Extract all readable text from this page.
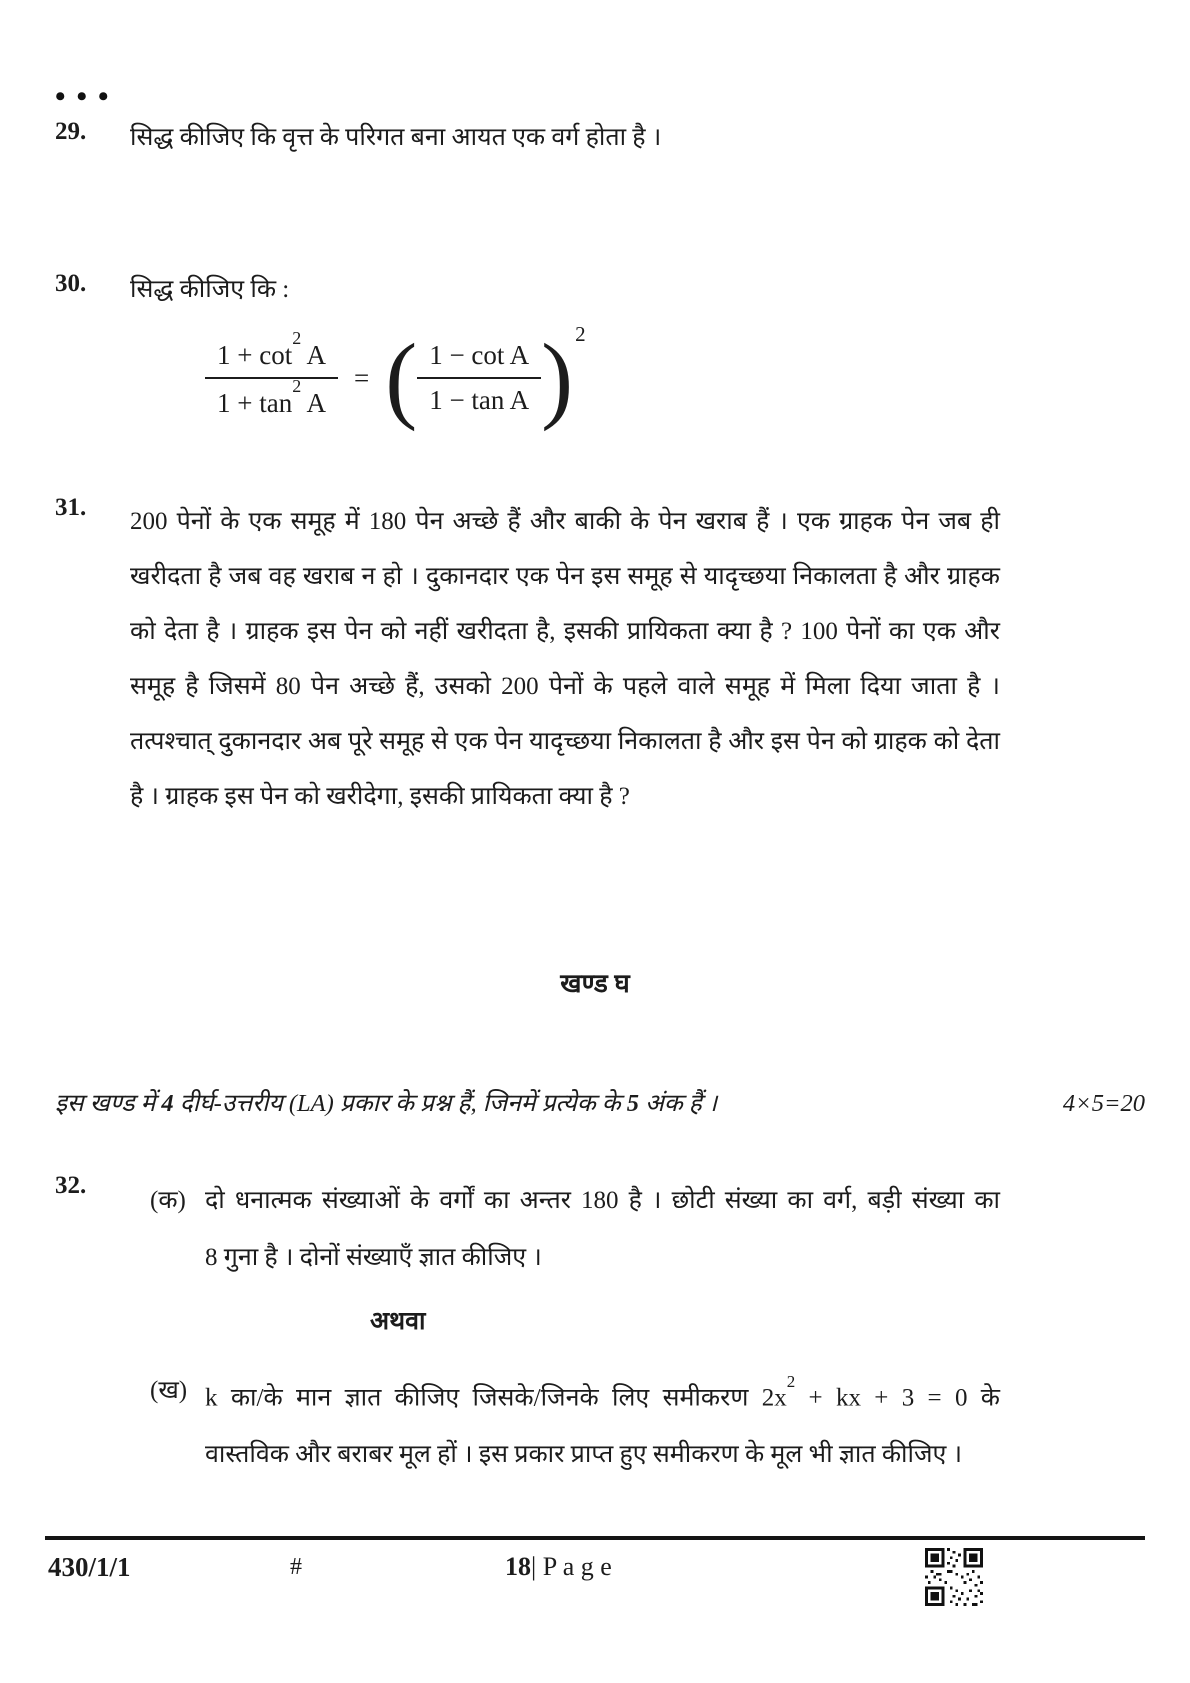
•••
29.	सिद्ध कीजिए कि वृत्त के परिगत बना आयत एक वर्ग होता है ।
30.	सिद्ध कीजिए कि :
$\frac{1 + \cot^2 A}{1 + \tan^2 A}$ = ( $\frac{\text{1 − cot A}}{\text{1 − tan A}}$ ) 2
31.
200 पेनों के एक समूह में 180 पेन अच्छे हैं और बाकी के पेन खराब हैं । एक ग्राहक पेन जब ही
खरीदता है जब वह खराब न हो । दुकानदार एक पेन इस समूह से यादृच्छया निकालता है और ग्राहक
को देता है । ग्राहक इस पेन को नहीं खरीदता है, इसकी प्रायिकता क्या है ? 100 पेनों का एक और
समूह है जिसमें 80 पेन अच्छे हैं, उसको 200 पेनों के पहले वाले समूह में मिला दिया जाता है ।
तत्पश्चात् दुकानदार अब पूरे समूह से एक पेन यादृच्छया निकालता है और इस पेन को ग्राहक को देता
है । ग्राहक इस पेन को खरीदेगा, इसकी प्रायिकता क्या है ?
खण्ड घ
इस खण्ड में 4 दीर्घ-उत्तरीय (LA) प्रकार के प्रश्न हैं, जिनमें प्रत्येक के 5 अंक हैं ।	4×5=20
32.
(क) दो धनात्मक संख्याओं के वर्गों का अन्तर 180 है । छोटी संख्या का वर्ग, बड़ी संख्या का
8 गुना है । दोनों संख्याएँ ज्ञात कीजिए ।
अथवा
(ख) k का/के मान ज्ञात कीजिए जिसके/जिनके लिए समीकरण $2x^2$ + kx + 3 = 0 के
वास्तविक और बराबर मूल हों । इस प्रकार प्राप्त हुए समीकरण के मूल भी ज्ञात कीजिए ।
430/1/1	#	18| P a g e
